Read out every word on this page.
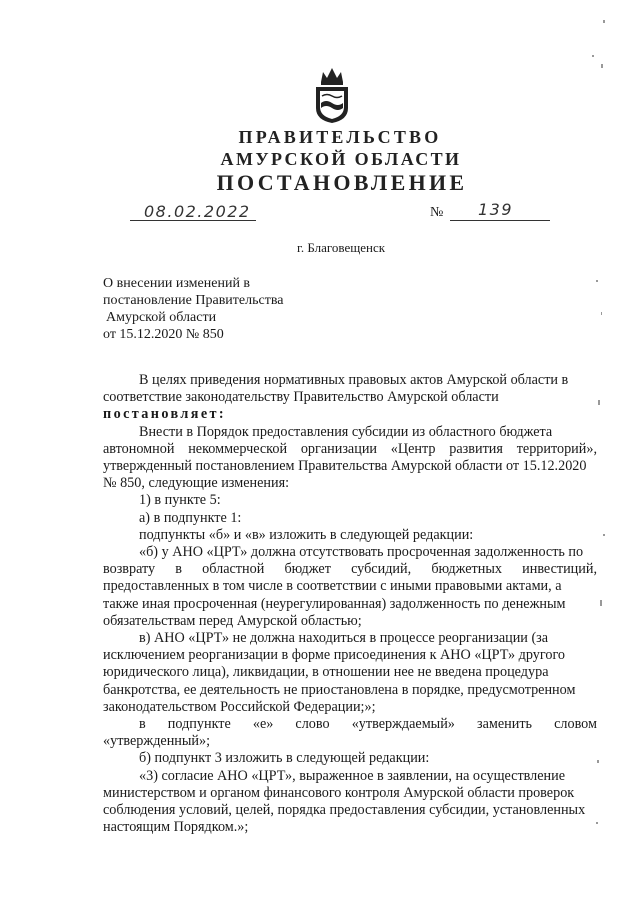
ПРАВИТЕЛЬСТВО
АМУРСКОЙ ОБЛАСТИ
ПОСТАНОВЛЕНИЕ
08.02.2022	№ 139
г. Благовещенск
О внесении изменений в
постановление Правительства
Амурской области
от 15.12.2020 № 850
В целях приведения нормативных правовых актов Амурской области в
соответствие законодательству Правительство Амурской области
постановляет:
Внести в Порядок предоставления субсидии из областного бюджета
автономной некоммерческой организации «Центр развития территорий»,
утвержденный постановлением Правительства Амурской области от 15.12.2020
№ 850, следующие изменения:
1) в пункте 5:
а) в подпункте 1:
подпункты «б» и «в» изложить в следующей редакции:
«б) у АНО «ЦРТ» должна отсутствовать просроченная задолженность по
возврату в областной бюджет субсидий, бюджетных инвестиций,
предоставленных в том числе в соответствии с иными правовыми актами, а
также иная просроченная (неурегулированная) задолженность по денежным
обязательствам перед Амурской областью;
в) АНО «ЦРТ» не должна находиться в процессе реорганизации (за
исключением реорганизации в форме присоединения к АНО «ЦРТ» другого
юридического лица), ликвидации, в отношении нее не введена процедура
банкротства, ее деятельность не приостановлена в порядке, предусмотренном
законодательством Российской Федерации;»;
в подпункте «е» слово «утверждаемый» заменить словом
«утвержденный»;
б) подпункт 3 изложить в следующей редакции:
«3) согласие АНО «ЦРТ», выраженное в заявлении, на осуществление
министерством и органом финансового контроля Амурской области проверок
соблюдения условий, целей, порядка предоставления субсидии, установленных
настоящим Порядком.»;
